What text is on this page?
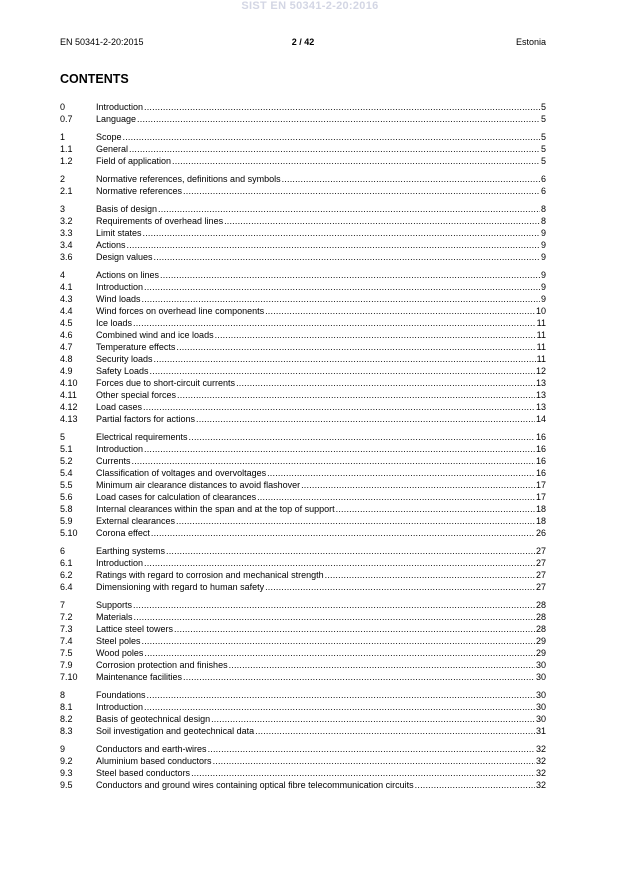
SIST EN 50341-2-20:2016
2 / 42
EN 50341-2-20:2015	Estonia
CONTENTS
0	Introduction .....	5
0.7	Language .....	5
1	Scope .....	5
1.1	General .....	5
1.2	Field of application .....	5
2	Normative references, definitions and symbols .....	6
2.1	Normative references .....	6
3	Basis of design .....	8
3.2	Requirements of overhead lines .....	8
3.3	Limit states .....	9
3.4	Actions .....	9
3.6	Design values .....	9
4	Actions on lines .....	9
4.1	Introduction .....	9
4.3	Wind loads .....	9
4.4	Wind forces on overhead line components .....	10
4.5	Ice loads .....	11
4.6	Combined wind and ice loads .....	11
4.7	Temperature effects .....	11
4.8	Security loads .....	11
4.9	Safety Loads .....	12
4.10	Forces due to short-circuit currents .....	13
4.11	Other special forces .....	13
4.12	Load cases .....	13
4.13	Partial factors for actions .....	14
5	Electrical requirements .....	16
5.1	Introduction .....	16
5.2	Currents .....	16
5.4	Classification of voltages and overvoltages .....	16
5.5	Minimum air clearance distances to avoid flashover .....	17
5.6	Load cases for calculation of clearances .....	17
5.8	Internal clearances within the span and at the top of support .....	18
5.9	External clearances .....	18
5.10	Corona effect .....	26
6	Earthing systems .....	27
6.1	Introduction .....	27
6.2	Ratings with regard to corrosion and mechanical strength .....	27
6.4	Dimensioning with regard to human safety .....	27
7	Supports .....	28
7.2	Materials .....	28
7.3	Lattice steel towers .....	28
7.4	Steel poles .....	29
7.5	Wood poles .....	29
7.9	Corrosion protection and finishes .....	30
7.10	Maintenance facilities .....	30
8	Foundations .....	30
8.1	Introduction .....	30
8.2	Basis of geotechnical design .....	30
8.3	Soil investigation and geotechnical data .....	31
9	Conductors and earth-wires .....	32
9.2	Aluminium based conductors .....	32
9.3	Steel based conductors .....	32
9.5	Conductors and ground wires containing optical fibre telecommunication circuits .....	32
